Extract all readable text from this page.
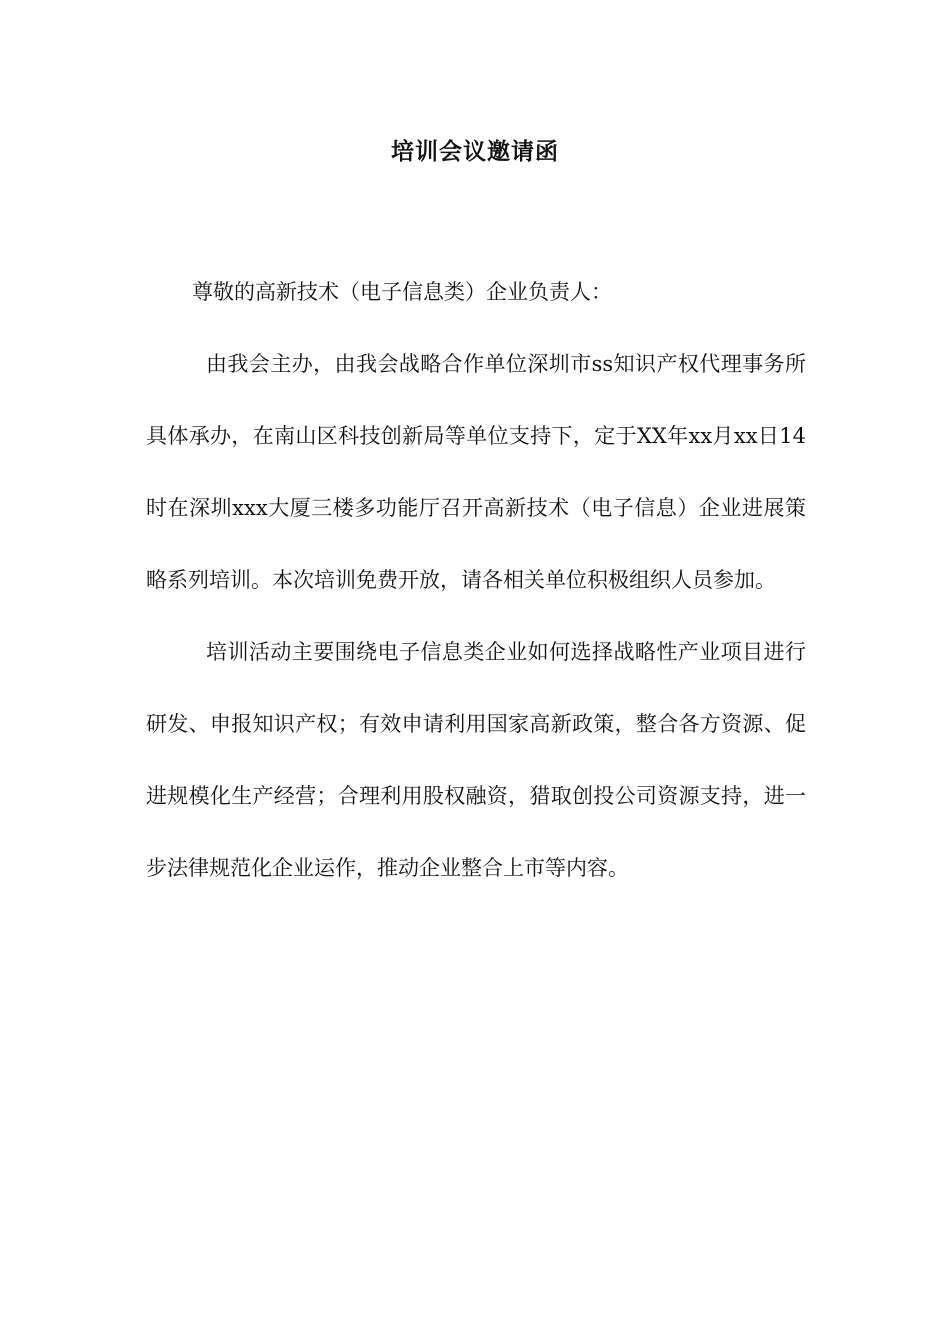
培训会议邀请函

尊敬的高新技术（电子信息类）企业负责人：

由我会主办，由我会战略合作单位深圳市ss知识产权代理事务所具体承办，在南山区科技创新局等单位支持下，定于XX年xx月xx日14时在深圳xxx大厦三楼多功能厅召开高新技术（电子信息）企业进展策略系列培训。本次培训免费开放，请各相关单位积极组织人员参加。

培训活动主要围绕电子信息类企业如何选择战略性产业项目进行研发、申报知识产权；有效申请利用国家高新政策，整合各方资源、促进规模化生产经营；合理利用股权融资，猎取创投公司资源支持，进一步法律规范化企业运作，推动企业整合上市等内容。
